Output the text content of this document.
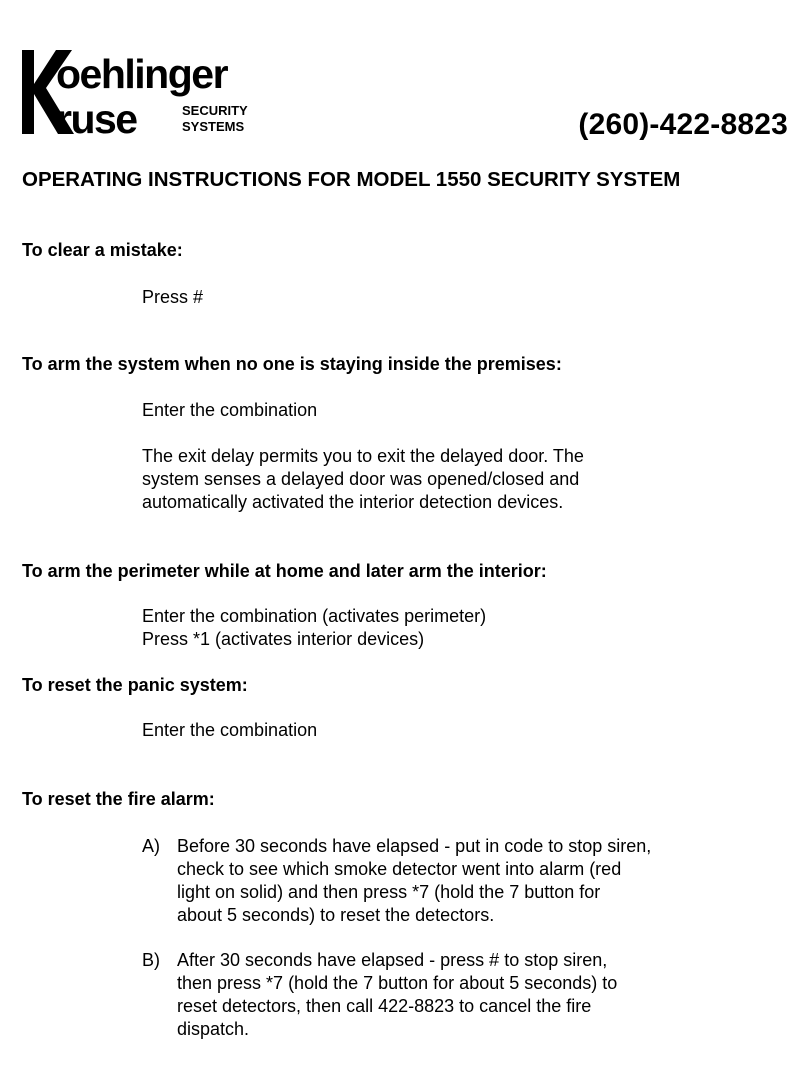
oehlinger
ruse	SECURITY
SYSTEMS	(260)-422-8823
OPERATING INSTRUCTIONS FOR MODEL 1550 SECURITY SYSTEM
To clear a mistake:
Press #
To arm the system when no one is staying inside the premises:
Enter the combination
The exit delay permits you to exit the delayed door. The
system senses a delayed door was opened/closed and
automatically activated the interior detection devices.
To arm the perimeter while at home and later arm the interior:
Enter the combination (activates perimeter)
Press *1 (activates interior devices)
To reset the panic system:
Enter the combination
To reset the fire alarm:
A) Before 30 seconds have elapsed - put in code to stop siren,
check to see which smoke detector went into alarm (red
light on solid) and then press *7 (hold the 7 button for
about 5 seconds) to reset the detectors.
B) After 30 seconds have elapsed - press # to stop siren,
then press *7 (hold the 7 button for about 5 seconds) to
reset detectors, then call 422-8823 to cancel the fire
dispatch.
